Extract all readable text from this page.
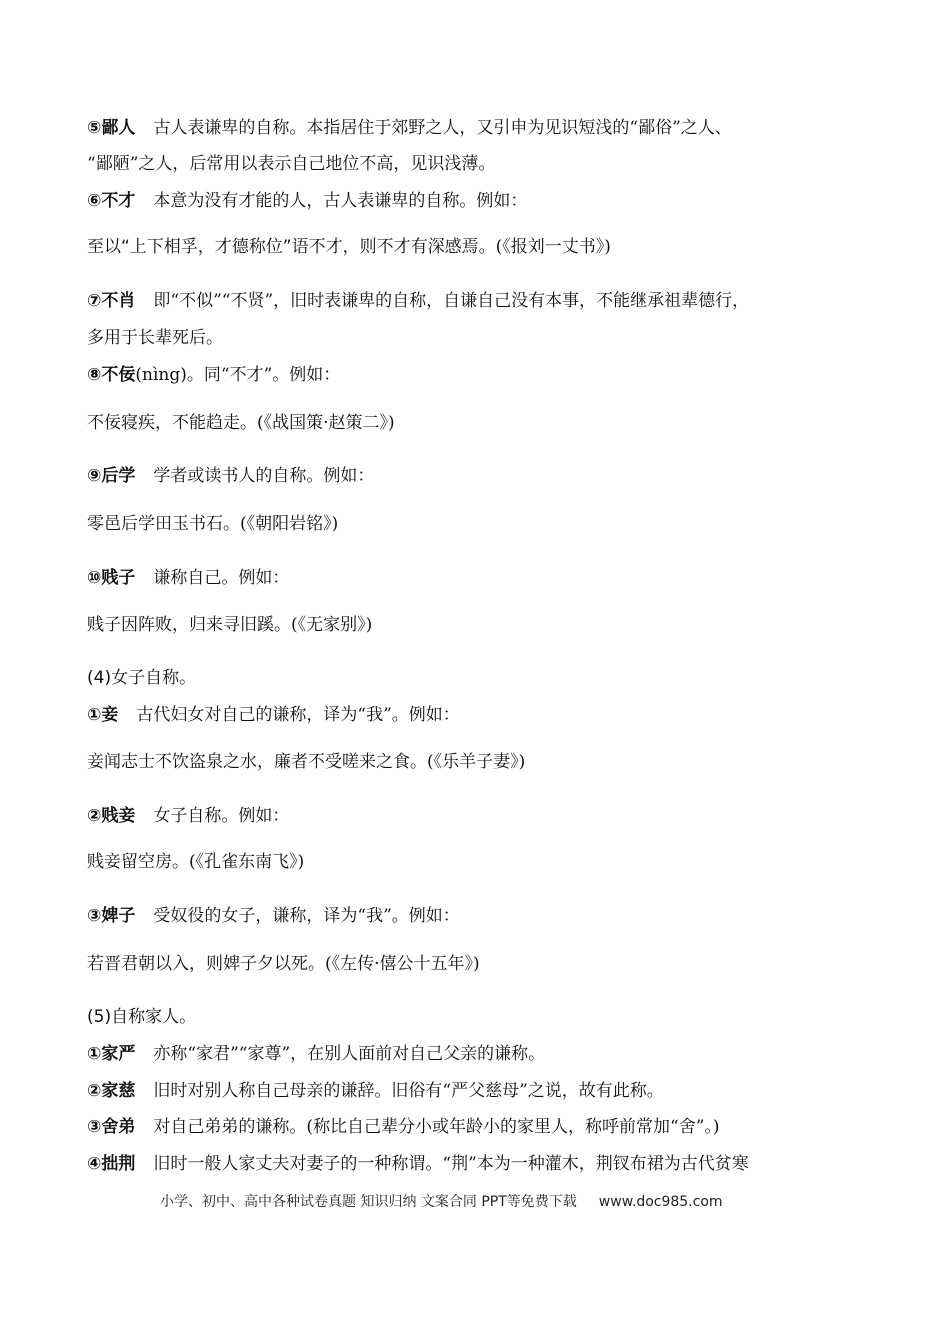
⑤鄙人 古人表谦卑的自称。本指居住于郊野之人，又引申为见识短浅的“鄙俗”之人、
“鄙陋”之人，后常用以表示自己地位不高，见识浅薄。
⑥不才 本意为没有才能的人，古人表谦卑的自称。例如：
至以“上下相孚，才德称位”语不才，则不才有深感焉。(《报刘一丈书》)
⑦不肖 即“不似”“不贤”，旧时表谦卑的自称，自谦自己没有本事，不能继承祖辈德行，
多用于长辈死后。
⑧不佞(nìng)。同“不才”。例如：
不佞寝疾，不能趋走。(《战国策·赵策二》)
⑨后学 学者或读书人的自称。例如：
零邑后学田玉书石。(《朝阳岩铭》)
⑩贱子 谦称自己。例如：
贱子因阵败，归来寻旧蹊。(《无家别》)
(4)女子自称。
①妾 古代妇女对自己的谦称，译为“我”。例如：
妾闻志士不饮盗泉之水，廉者不受嗟来之食。(《乐羊子妻》)
②贱妾 女子自称。例如：
贱妾留空房。(《孔雀东南飞》)
③婢子 受奴役的女子，谦称，译为“我”。例如：
若晋君朝以入，则婢子夕以死。(《左传·僖公十五年》)
(5)自称家人。
①家严 亦称“家君”“家尊”，在别人面前对自己父亲的谦称。
②家慈 旧时对别人称自己母亲的谦辞。旧俗有“严父慈母”之说，故有此称。
③舍弟 对自己弟弟的谦称。(称比自己辈分小或年龄小的家里人，称呼前常加“舍”。)
④拙荆 旧时一般人家丈夫对妻子的一种称谓。“荆”本为一种灌木，荆钗布裙为古代贫寒
小学、初中、高中各种试卷真题 知识归纳 文案合同 PPT等免费下载 www.doc985.com
